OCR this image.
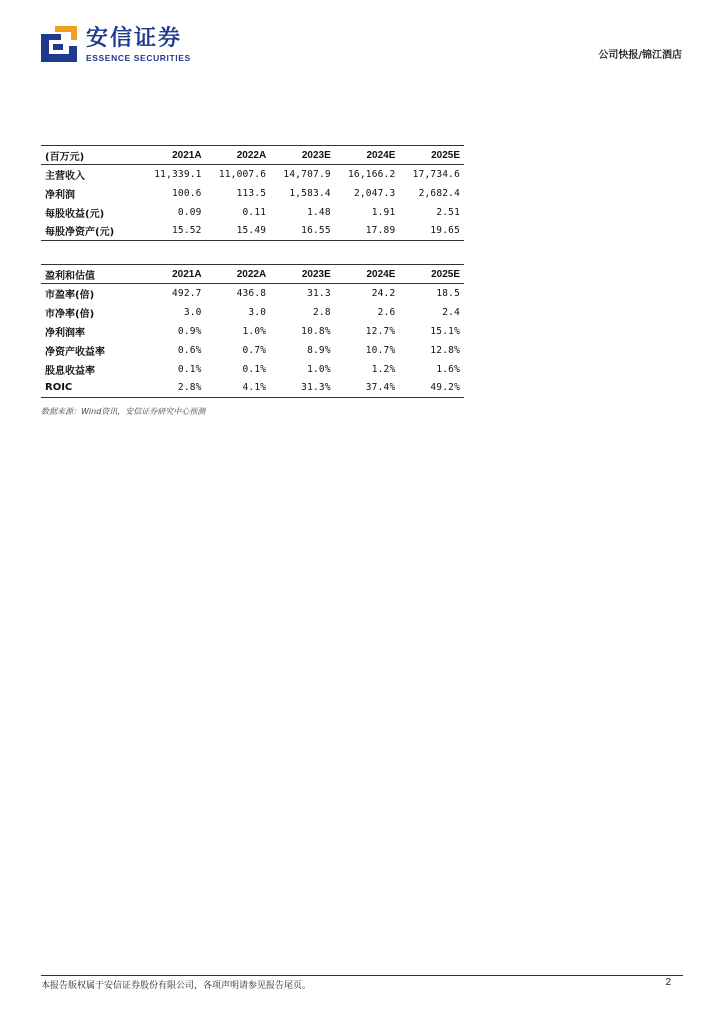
安信证券
ESSENCE SECURITIES	公司快报/锦江酒店
(百万元)	2021A	2022A	2023E	2024E	2025E
主营收入	11,339.1	11,007.6	14,707.9	16,166.2	17,734.6
净利润	100.6	113.5	1,583.4	2,047.3	2,682.4
每股收益(元)	0.09	0.11	1.48	1.91	2.51
每股净资产(元)	15.52	15.49	16.55	17.89	19.65
盈利和估值	2021A	2022A	2023E	2024E	2025E
市盈率(倍)	492.7	436.8	31.3	24.2	18.5
市净率(倍)	3.0	3.0	2.8	2.6	2.4
净利润率	0.9%	1.0%	10.8%	12.7%	15.1%
净资产收益率	0.6%	0.7%	8.9%	10.7%	12.8%
股息收益率	0.1%	0.1%	1.0%	1.2%	1.6%
ROIC	2.8%	4.1%	31.3%	37.4%	49.2%
数据来源：Wind资讯，安信证券研究中心预测
本报告版权属于安信证券股份有限公司，各项声明请参见报告尾页。	2
